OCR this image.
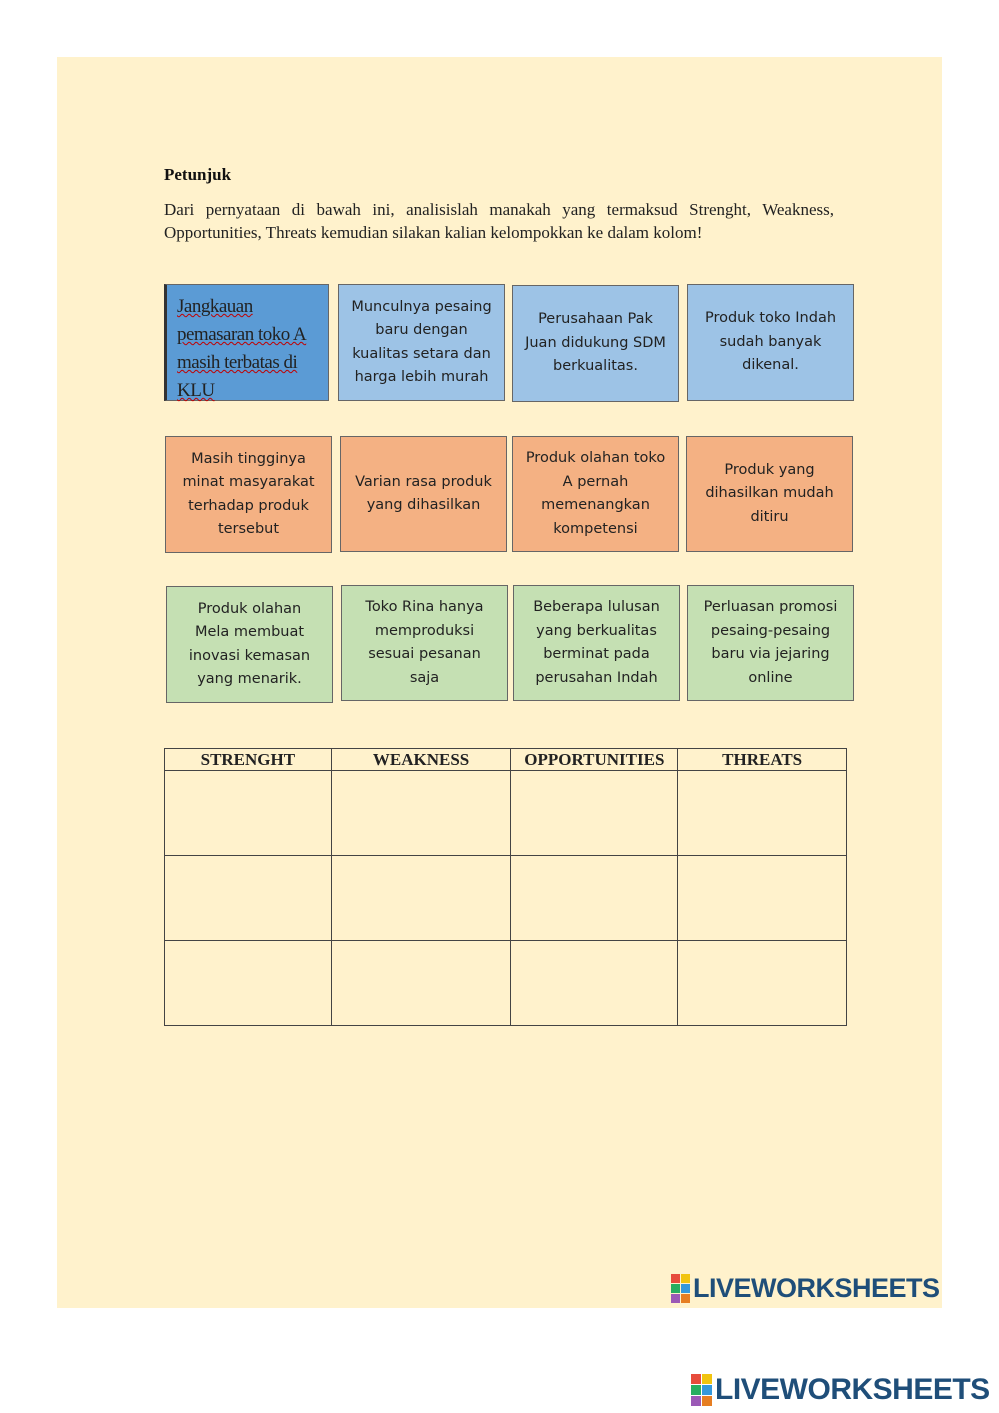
Petunjuk
Dari pernyataan di bawah ini, analisislah manakah yang termaksud Strenght, Weakness, Opportunities, Threats kemudian silakan kalian kelompokkan ke dalam kolom!
Jangkauan pemasaran toko A masih terbatas di KLU
Munculnya pesaing baru dengan kualitas setara dan harga lebih murah
Perusahaan Pak Juan didukung SDM berkualitas.
Produk toko Indah sudah banyak dikenal.
Masih tingginya minat masyarakat terhadap produk tersebut
Varian rasa produk yang dihasilkan
Produk olahan toko A pernah memenangkan kompetensi
Produk yang dihasilkan mudah ditiru
Produk olahan Mela membuat inovasi kemasan yang menarik.
Toko Rina hanya memproduksi sesuai pesanan saja
Beberapa lulusan yang berkualitas berminat pada perusahan Indah
Perluasan promosi pesaing-pesaing baru via jejaring online
STRENGHT	WEAKNESS	OPPORTUNITIES	THREATS

LIVEWORKSHEETS
LIVEWORKSHEETS
